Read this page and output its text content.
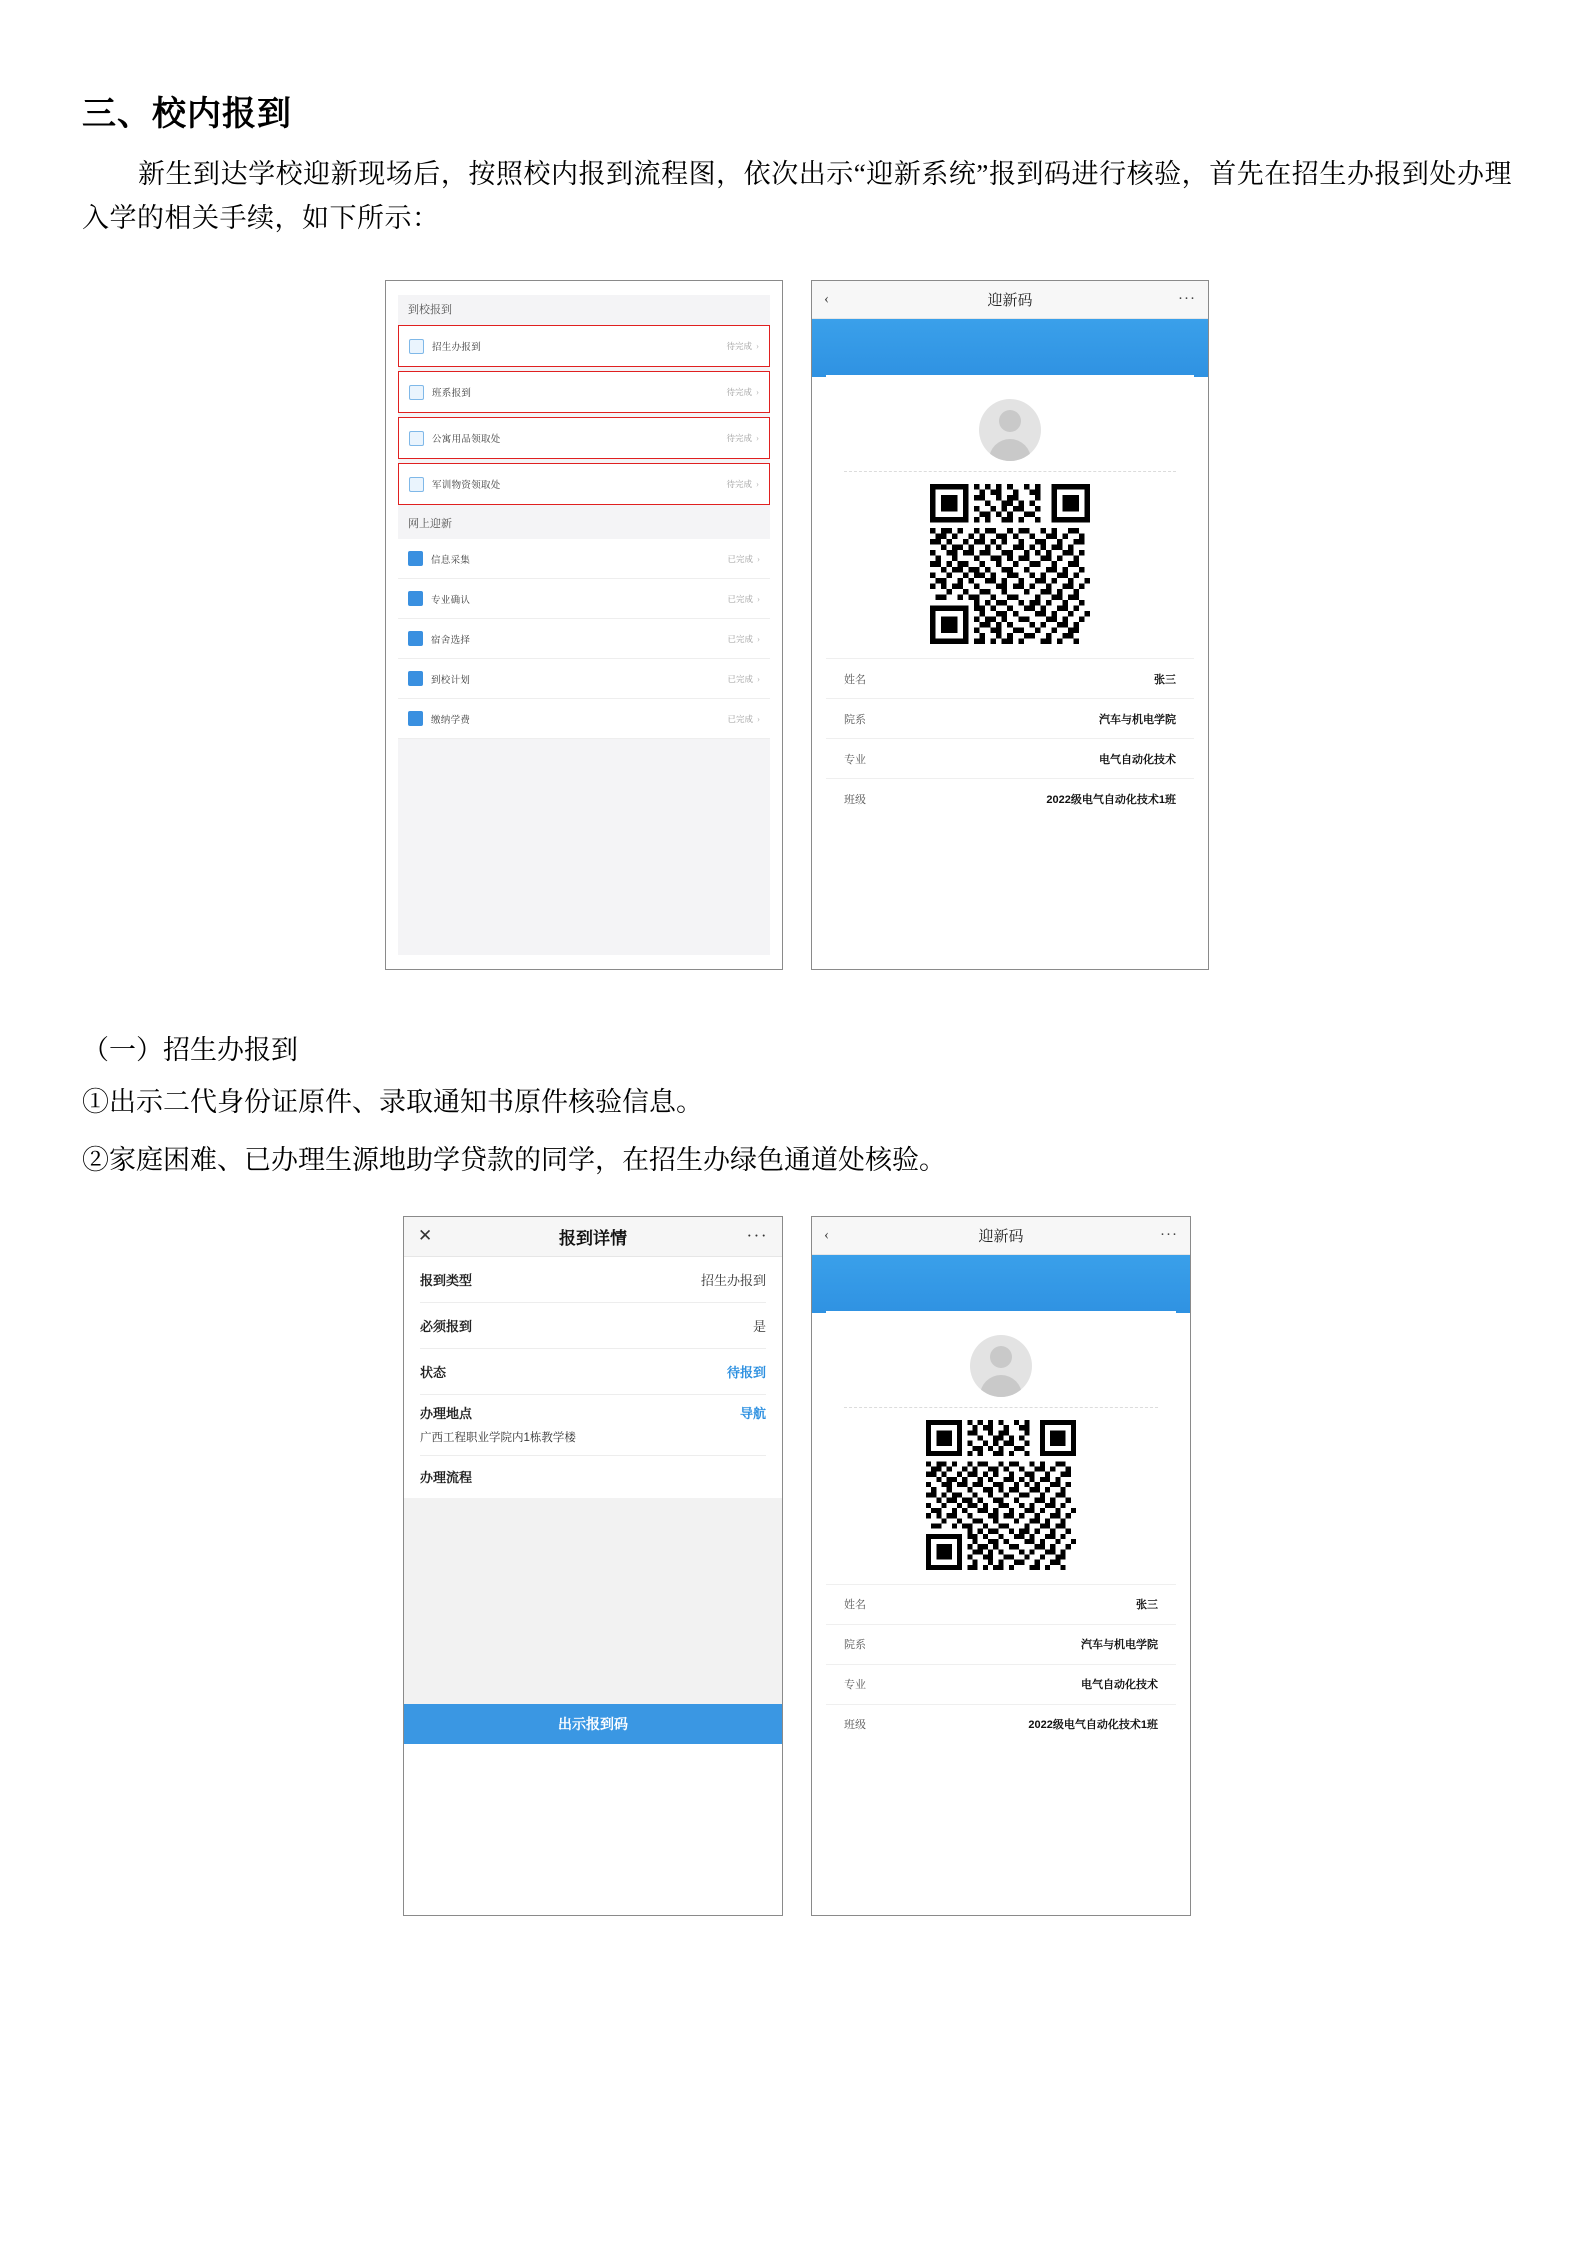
三、校内报到

新生到达学校迎新现场后，按照校内报到流程图，依次出示“迎新系统”报到码进行核验，首先在招生办报到处办理入学的相关手续，如下所示：

到校报到
招生办报到	待完成 ›
班系报到	待完成 ›
公寓用品领取处	待完成 ›
军训物资领取处	待完成 ›
网上迎新
信息采集	已完成 ›
专业确认	已完成 ›
宿舍选择	已完成 ›
到校计划	已完成 ›
缴纳学费	已完成 ›
‹	迎新码	···
姓名	张三
院系	汽车与机电学院
专业	电气自动化技术
班级	2022级电气自动化技术1班

（一）招生办报到

①出示二代身份证原件、录取通知书原件核验信息。

②家庭困难、已办理生源地助学贷款的同学，在招生办绿色通道处核验。

✕	报到详情	···
报到类型	招生办报到
必须报到	是
状态	待报到
办理地点	导航
广西工程职业学院内1栋教学楼
办理流程
出示报到码
‹	迎新码	···
姓名	张三
院系	汽车与机电学院
专业	电气自动化技术
班级	2022级电气自动化技术1班
